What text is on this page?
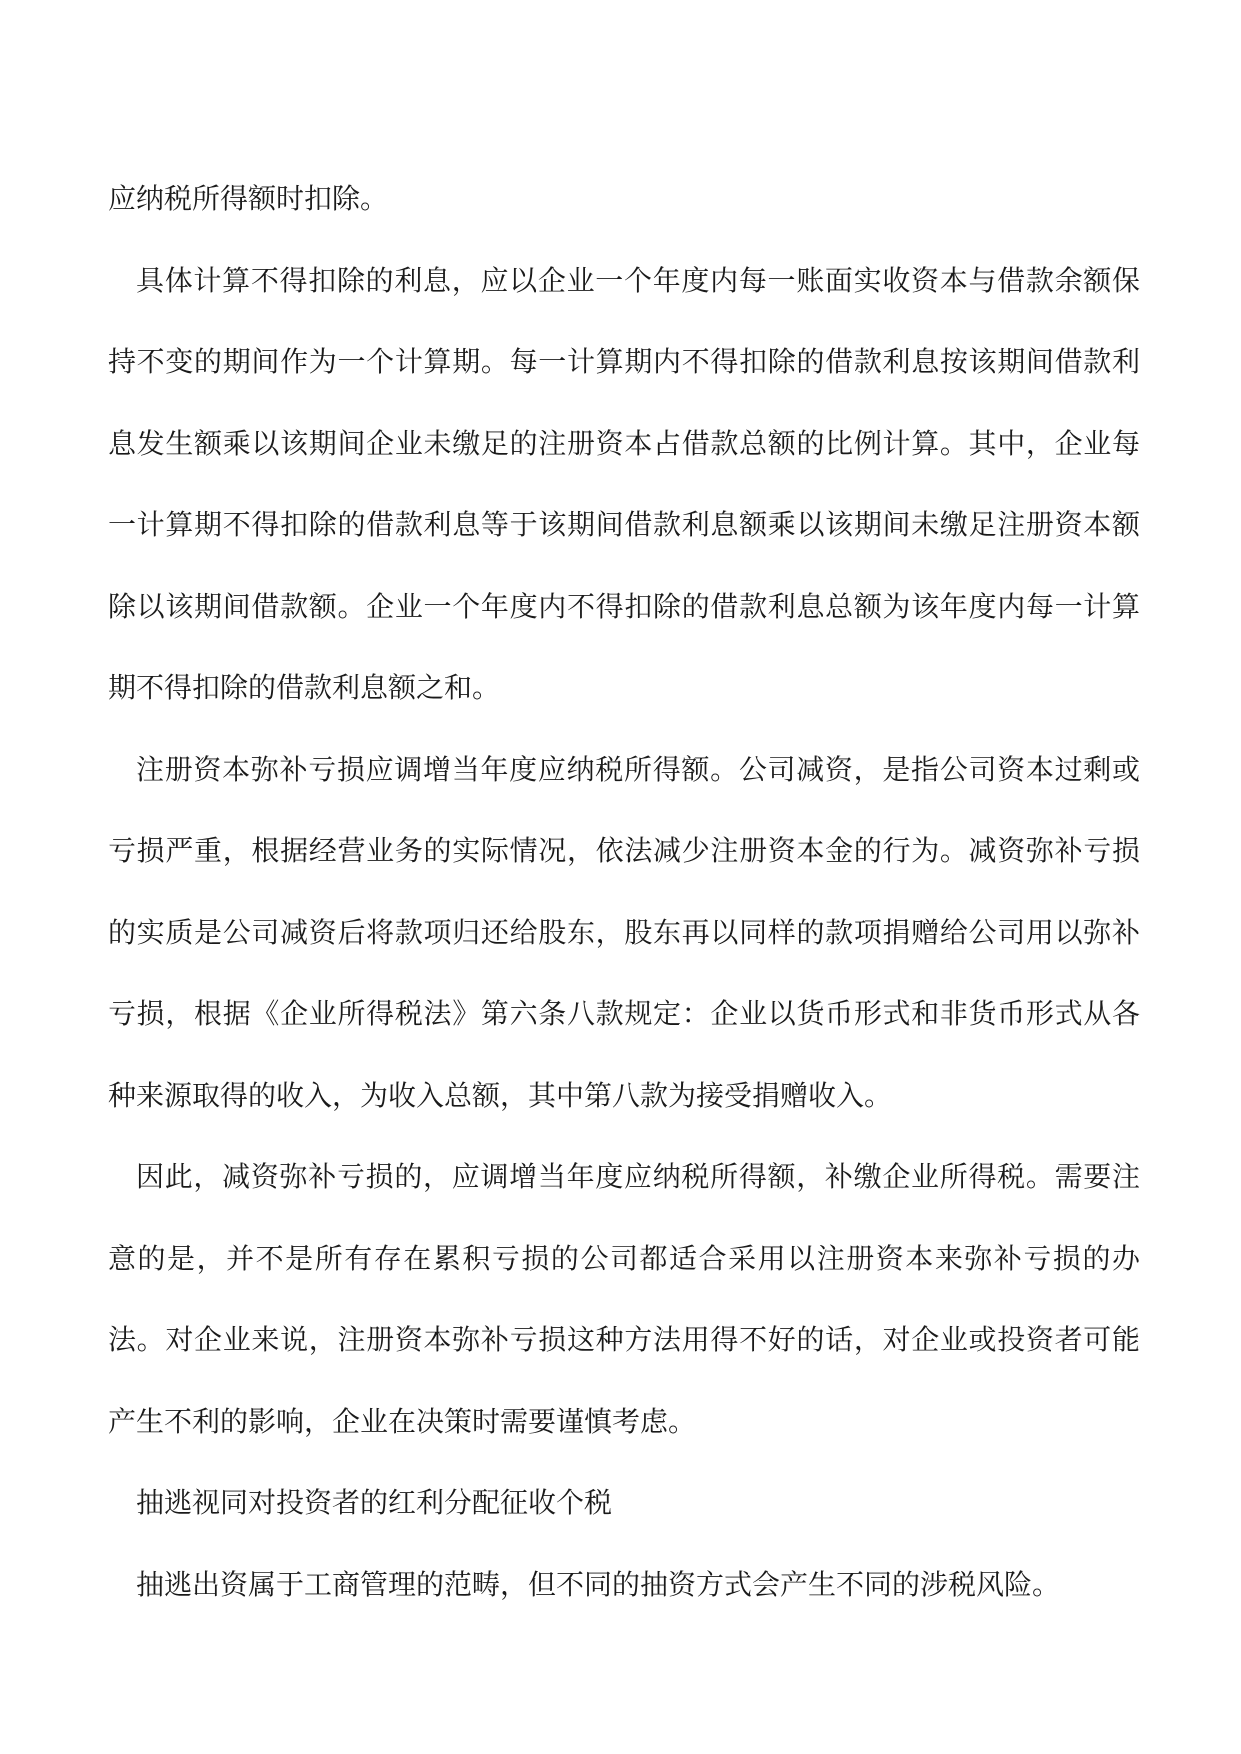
应纳税所得额时扣除。

具体计算不得扣除的利息，应以企业一个年度内每一账面实收资本与借款余额保持不变的期间作为一个计算期。每一计算期内不得扣除的借款利息按该期间借款利息发生额乘以该期间企业未缴足的注册资本占借款总额的比例计算。其中，企业每一计算期不得扣除的借款利息等于该期间借款利息额乘以该期间未缴足注册资本额除以该期间借款额。企业一个年度内不得扣除的借款利息总额为该年度内每一计算期不得扣除的借款利息额之和。

注册资本弥补亏损应调增当年度应纳税所得额。公司减资，是指公司资本过剩或亏损严重，根据经营业务的实际情况，依法减少注册资本金的行为。减资弥补亏损的实质是公司减资后将款项归还给股东，股东再以同样的款项捐赠给公司用以弥补亏损，根据《企业所得税法》第六条八款规定：企业以货币形式和非货币形式从各种来源取得的收入，为收入总额，其中第八款为接受捐赠收入。

因此，减资弥补亏损的，应调增当年度应纳税所得额，补缴企业所得税。需要注意的是，并不是所有存在累积亏损的公司都适合采用以注册资本来弥补亏损的办法。对企业来说，注册资本弥补亏损这种方法用得不好的话，对企业或投资者可能产生不利的影响，企业在决策时需要谨慎考虑。

抽逃视同对投资者的红利分配征收个税

抽逃出资属于工商管理的范畴，但不同的抽资方式会产生不同的涉税风险。
